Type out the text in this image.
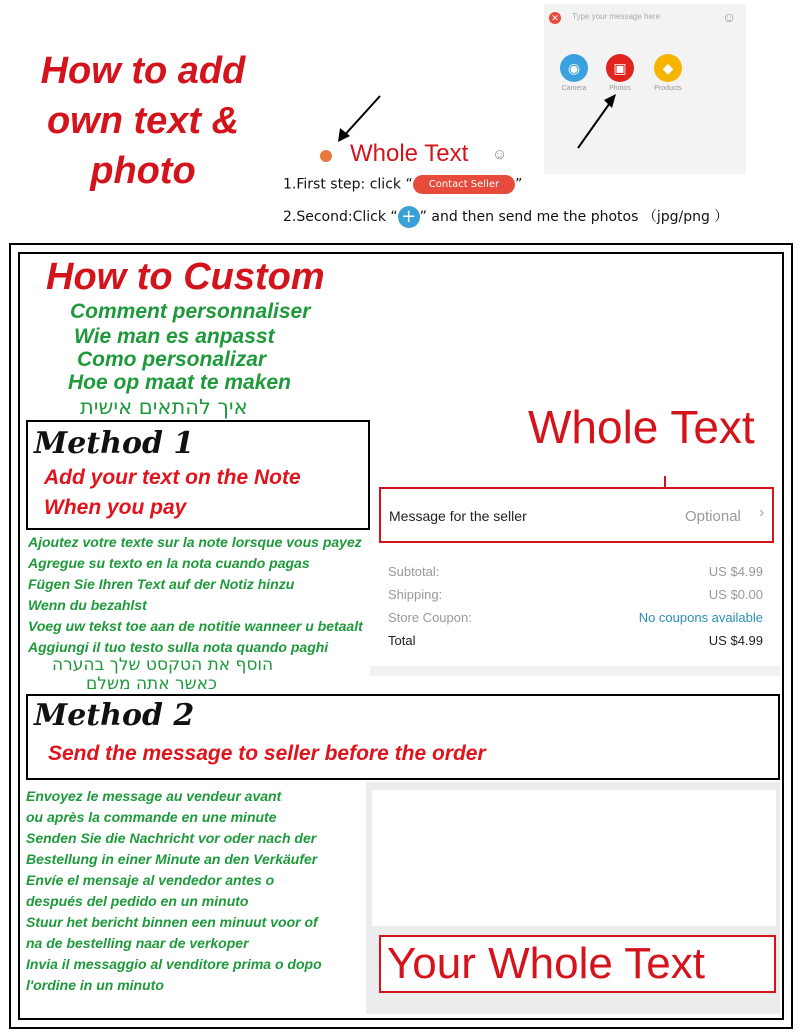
How to add
own text &
photo
✕ Type your message here	☺
◉
Camera
▣
Photos
◆
Products
Whole Text ☺
1.First step: click “ Contact Seller ”
2.Second:Click “ + ” and then send me the photos （jpg/png ）
How to Custom
Comment personnaliser
Wie man es anpasst
Como personalizar
Hoe op maat te maken
איך להתאים אישית
Method 1
Add your text on the Note
When you pay
Ajoutez votre texte sur la note lorsque vous payez
Agregue su texto en la nota cuando pagas
Fügen Sie Ihren Text auf der Notiz hinzu
Wenn du bezahlst
Voeg uw tekst toe aan de notitie wanneer u betaalt
Aggiungi il tuo testo sulla nota quando paghi
הוסף את הטקסט שלך בהערה
כאשר אתה משלם
Whole Text
Message for the seller	Optional ›
Subtotal:	US $4.99
Shipping:	US $0.00
Store Coupon:	No coupons available
Total	US $4.99
Method 2
Send the message to seller before the order
Envoyez le message au vendeur avant
ou après la commande en une minute
Senden Sie die Nachricht vor oder nach der
Bestellung in einer Minute an den Verkäufer
Envíe el mensaje al vendedor antes o
después del pedido en un minuto
Stuur het bericht binnen een minuut voor of
na de bestelling naar de verkoper
Invia il messaggio al venditore prima o dopo
l'ordine in un minuto	Your Whole Text
